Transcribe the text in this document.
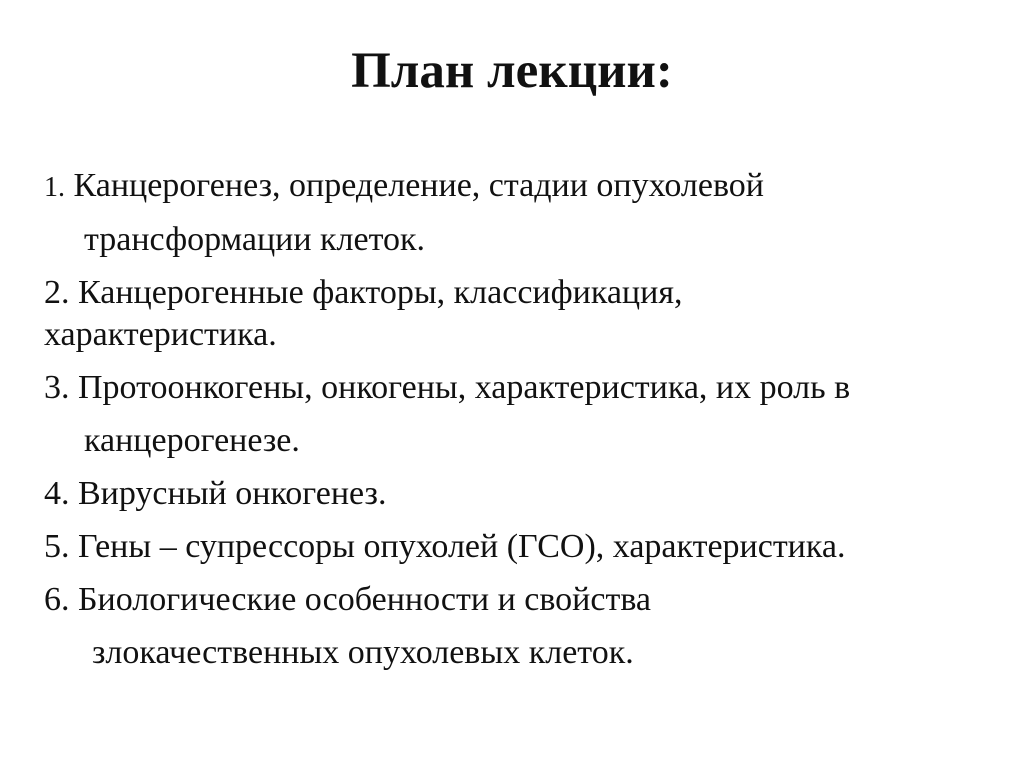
План лекции:
1. Канцерогенез, определение, стадии опухолевой
трансформации клеток.
2. Канцерогенные факторы, классификация,
характеристика.
3. Протоонкогены, онкогены, характеристика, их роль в
канцерогенезе.
4. Вирусный онкогенез.
5. Гены – супрессоры опухолей (ГСО), характеристика.
6. Биологические особенности и свойства
злокачественных опухолевых клеток.
